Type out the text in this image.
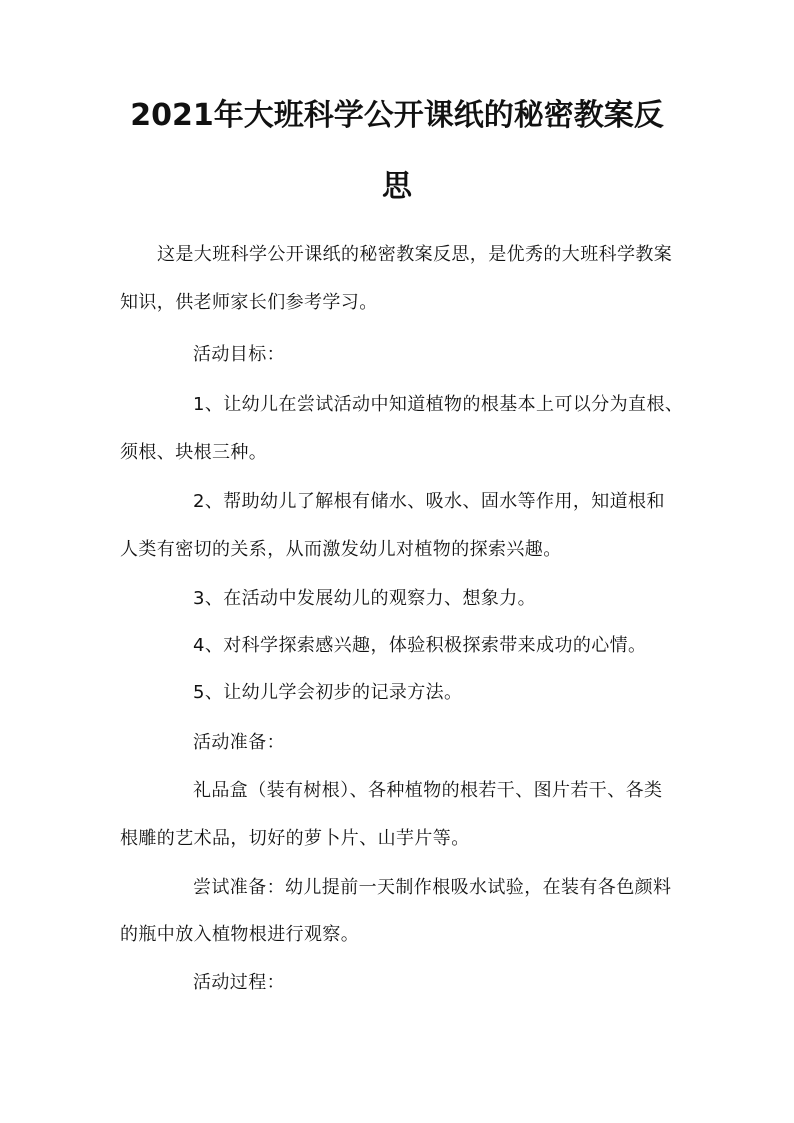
2021年大班科学公开课纸的秘密教案反
思
这是大班科学公开课纸的秘密教案反思，是优秀的大班科学教案
知识，供老师家长们参考学习。
活动目标：
1、让幼儿在尝试活动中知道植物的根基本上可以分为直根、
须根、块根三种。
2、帮助幼儿了解根有储水、吸水、固水等作用，知道根和
人类有密切的关系，从而激发幼儿对植物的探索兴趣。
3、在活动中发展幼儿的观察力、想象力。
4、对科学探索感兴趣，体验积极探索带来成功的心情。
5、让幼儿学会初步的记录方法。
活动准备：
礼品盒（装有树根）、各种植物的根若干、图片若干、各类
根雕的艺术品，切好的萝卜片、山芋片等。
尝试准备：幼儿提前一天制作根吸水试验，在装有各色颜料
的瓶中放入植物根进行观察。
活动过程：
